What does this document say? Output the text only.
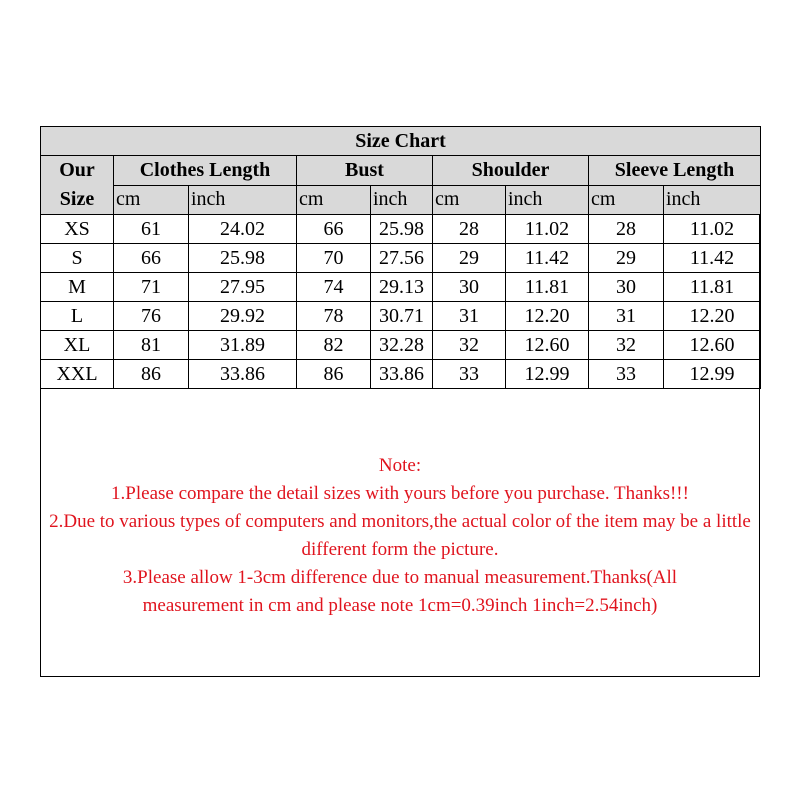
Size Chart								
Our Size	Clothes Length		Bust		Shoulder		Sleeve Length	
	cm	inch	cm	inch	cm	inch	cm	inch
XS	61	24.02	66	25.98	28	11.02	28	11.02
S	66	25.98	70	27.56	29	11.42	29	11.42
M	71	27.95	74	29.13	30	11.81	30	11.81
L	76	29.92	78	30.71	31	12.20	31	12.20
XL	81	31.89	82	32.28	32	12.60	32	12.60
XXL	86	33.86	86	33.86	33	12.99	33	12.99
Note:
1.Please compare the detail sizes with yours before you purchase. Thanks!!!
2.Due to various types of computers and monitors,the actual color of the item may be a little different form the picture.
3.Please allow 1-3cm difference due to manual measurement.Thanks(All measurement in cm and please note 1cm=0.39inch 1inch=2.54inch)
